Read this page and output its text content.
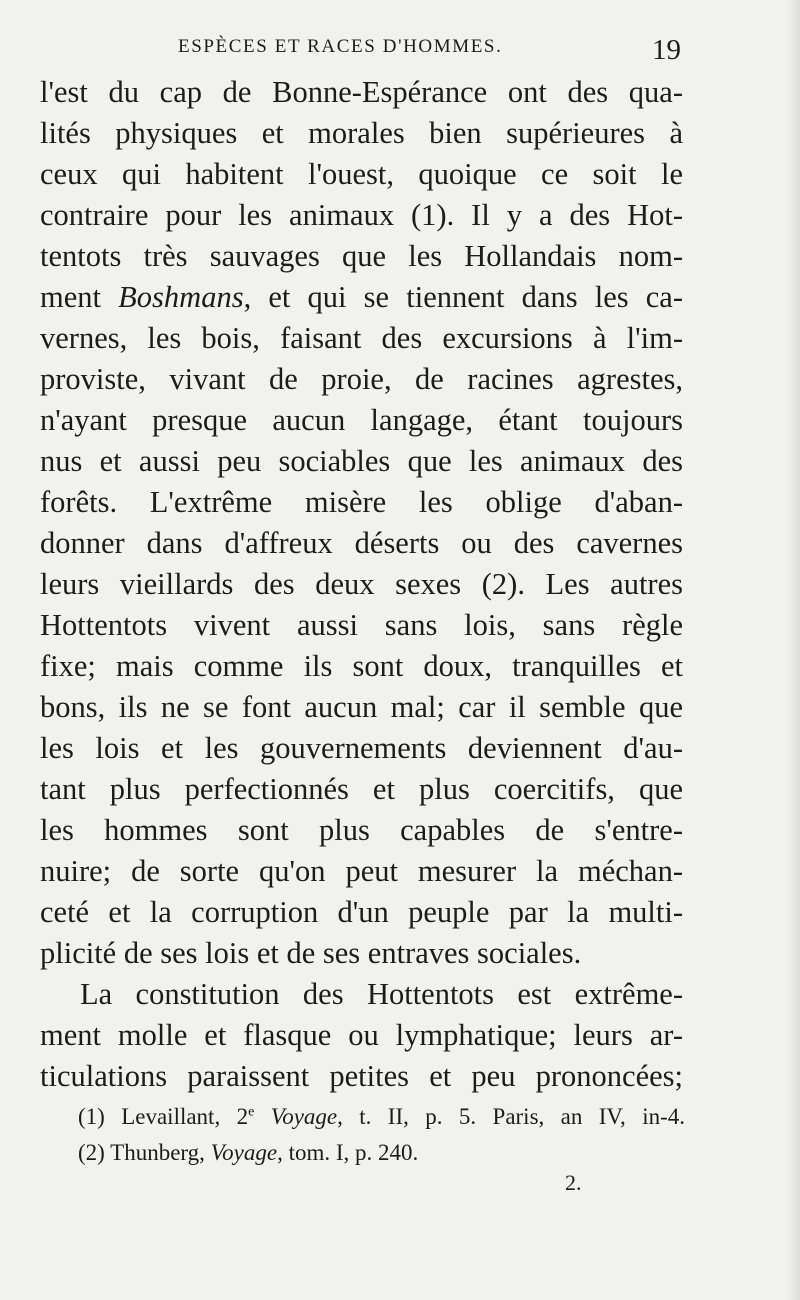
ESPÈCES ET RACES D'HOMMES.	19
l'est du cap de Bonne-Espérance ont des qua-
lités physiques et morales bien supérieures à
ceux qui habitent l'ouest, quoique ce soit le
contraire pour les animaux (1). Il y a des Hot-
tentots très sauvages que les Hollandais nom-
ment Boshmans, et qui se tiennent dans les ca-
vernes, les bois, faisant des excursions à l'im-
proviste, vivant de proie, de racines agrestes,
n'ayant presque aucun langage, étant toujours
nus et aussi peu sociables que les animaux des
forêts. L'extrême misère les oblige d'aban-
donner dans d'affreux déserts ou des cavernes
leurs vieillards des deux sexes (2). Les autres
Hottentots vivent aussi sans lois, sans règle
fixe; mais comme ils sont doux, tranquilles et
bons, ils ne se font aucun mal; car il semble que
les lois et les gouvernements deviennent d'au-
tant plus perfectionnés et plus coercitifs, que
les hommes sont plus capables de s'entre-
nuire; de sorte qu'on peut mesurer la méchan-
ceté et la corruption d'un peuple par la multi-
plicité de ses lois et de ses entraves sociales.
La constitution des Hottentots est extrême-
ment molle et flasque ou lymphatique; leurs ar-
ticulations paraissent petites et peu prononcées;
(1) Levaillant, 2e Voyage, t. II, p. 5. Paris, an IV, in-4.
(2) Thunberg, Voyage, tom. I, p. 240.
2.
